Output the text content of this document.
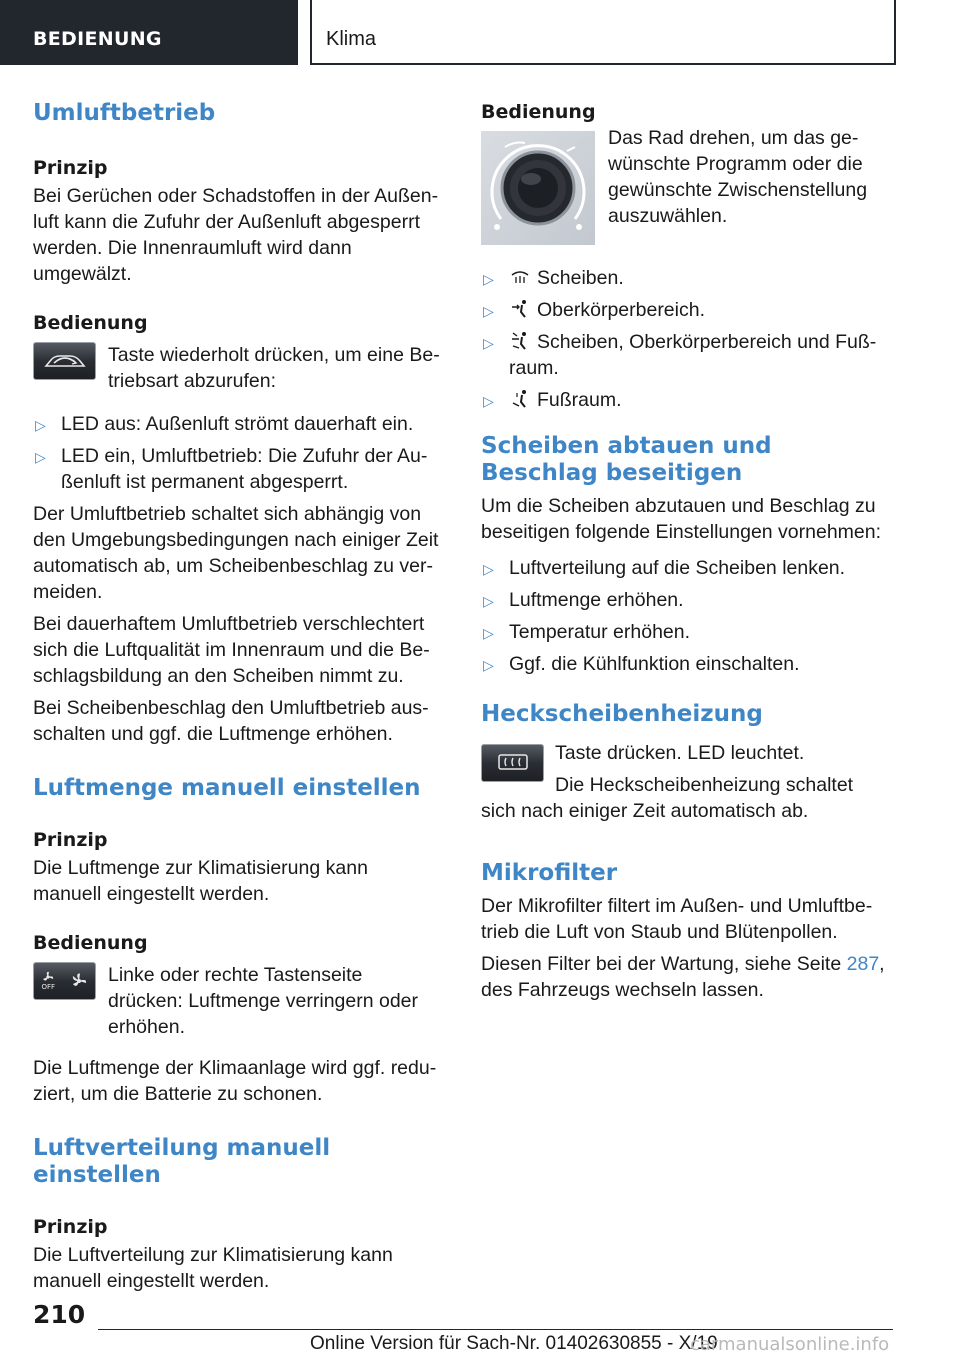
BEDIENUNG	Klima
Umluftbetrieb
Prinzip

Bei Gerüchen oder Schadstoffen in der Außenluft kann die Zufuhr der Außenluft abgesperrt werden. Die Innenraumluft wird dann umgewälzt.

Bedienung

Taste wiederholt drücken, um eine Betriebsart abzurufen:

▷ LED aus: Außenluft strömt dauerhaft ein.
▷ LED ein, Umluftbetrieb: Die Zufuhr der Außenluft ist permanent abgesperrt.

Der Umluftbetrieb schaltet sich abhängig von den Umgebungsbedingungen nach einiger Zeit automatisch ab, um Scheibenbeschlag zu vermeiden.

Bei dauerhaftem Umluftbetrieb verschlechtert sich die Luftqualität im Innenraum und die Beschlagsbildung an den Scheiben nimmt zu.

Bei Scheibenbeschlag den Umluftbetrieb ausschalten und ggf. die Luftmenge erhöhen.

Luftmenge manuell einstellen
Prinzip

Die Luftmenge zur Klimatisierung kann manuell eingestellt werden.

Bedienung
OFF

Linke oder rechte Tastenseite drücken: Luftmenge verringern oder erhöhen.

Die Luftmenge der Klimaanlage wird ggf. reduziert, um die Batterie zu schonen.

Luftverteilung manuell einstellen
Prinzip

Die Luftverteilung zur Klimatisierung kann manuell eingestellt werden.

Bedienung

Das Rad drehen, um das gewünschte Programm oder die gewünschte Zwischenstellung auszuwählen.

▷ Scheiben.
▷ Oberkörperbereich.
▷ Scheiben, Oberkörperbereich und Fußraum.
▷ Fußraum.
Scheiben abtauen und Beschlag beseitigen

Um die Scheiben abzutauen und Beschlag zu beseitigen folgende Einstellungen vornehmen:

▷ Luftverteilung auf die Scheiben lenken.
▷ Luftmenge erhöhen.
▷ Temperatur erhöhen.
▷ Ggf. die Kühlfunktion einschalten.
Heckscheibenheizung

Taste drücken. LED leuchtet.

Die Heckscheibenheizung schaltet sich nach einiger Zeit automatisch ab.

Mikrofilter

Der Mikrofilter filtert im Außen- und Umluftbetrieb die Luft von Staub und Blütenpollen.

Diesen Filter bei der Wartung, siehe Seite 287, des Fahrzeugs wechseln lassen.

210
Online Version für Sach-Nr. 01402630855 - X/19
carmanualsonline.info
